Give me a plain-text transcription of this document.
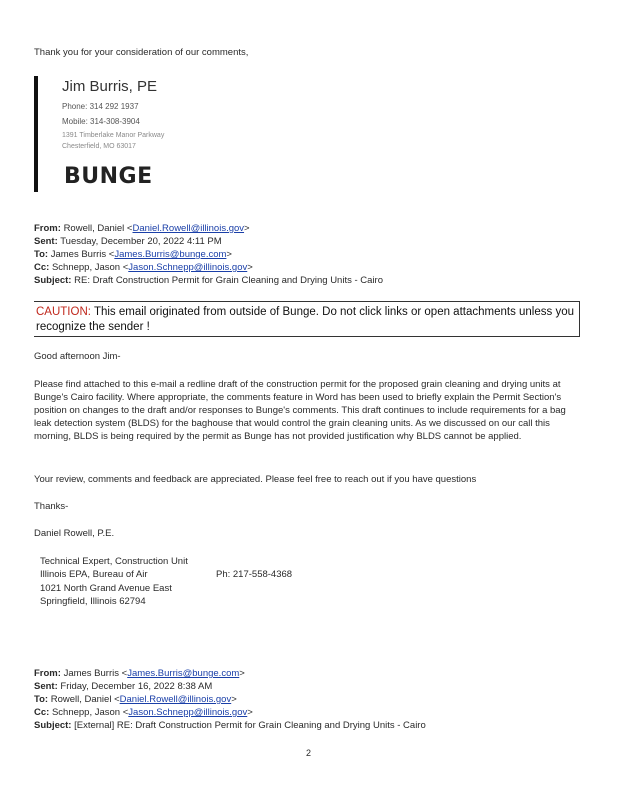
Thank you for your consideration of our comments,
Jim Burris, PE
Phone: 314 292 1937
Mobile: 314-308-3904
1391 Timberlake Manor Parkway
Chesterfield, MO 63017
BUNGE
From: Rowell, Daniel <Daniel.Rowell@illinois.gov>
Sent: Tuesday, December 20, 2022 4:11 PM
To: James Burris <James.Burris@bunge.com>
Cc: Schnepp, Jason <Jason.Schnepp@illinois.gov>
Subject: RE: Draft Construction Permit for Grain Cleaning and Drying Units - Cairo
CAUTION: This email originated from outside of Bunge. Do not click links or open attachments unless you recognize the sender !
Good afternoon Jim-
Please find attached to this e-mail a redline draft of the construction permit for the proposed grain cleaning and drying units at Bunge's Cairo facility. Where appropriate, the comments feature in Word has been used to briefly explain the Permit Section's position on changes to the draft and/or responses to Bunge's comments. This draft continues to include requirements for a bag leak detection system (BLDS) for the baghouse that would control the grain cleaning units. As we discussed on our call this morning, BLDS is being required by the permit as Bunge has not provided justification why BLDS cannot be applied.
Your review, comments and feedback are appreciated. Please feel free to reach out if you have questions
Thanks-
Daniel Rowell, P.E.
Technical Expert, Construction Unit
Illinois EPA, Bureau of Air	Ph: 217-558-4368
1021 North Grand Avenue East
Springfield, Illinois 62794
From: James Burris <James.Burris@bunge.com>
Sent: Friday, December 16, 2022 8:38 AM
To: Rowell, Daniel <Daniel.Rowell@illinois.gov>
Cc: Schnepp, Jason <Jason.Schnepp@illinois.gov>
Subject: [External] RE: Draft Construction Permit for Grain Cleaning and Drying Units - Cairo
2
